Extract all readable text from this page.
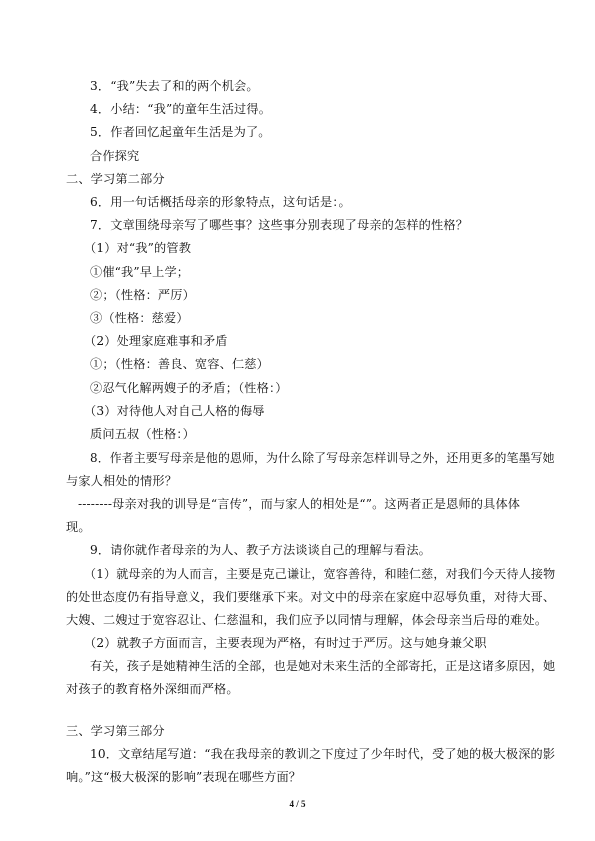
3．“我”失去了和的两个机会。
4．小结：“我”的童年生活过得。
5．作者回忆起童年生活是为了。
合作探究
二、学习第二部分
6．用一句话概括母亲的形象特点，这句话是：。
7．文章围绕母亲写了哪些事？这些事分别表现了母亲的怎样的性格？
（1）对“我”的管教
①催“我”早上学；
②；（性格：严厉）
③（性格：慈爱）
（2）处理家庭难事和矛盾
①；（性格：善良、宽容、仁慈）
②忍气化解两嫂子的矛盾；（性格：）
（3）对待他人对自己人格的侮辱
质问五叔（性格：）
8．作者主要写母亲是他的恩师，为什么除了写母亲怎样训导之外，还用更多的笔墨写她
与家人相处的情形？
--------母亲对我的训导是“言传”，而与家人的相处是“”。这两者正是恩师的具体体
现。
9．请你就作者母亲的为人、教子方法谈谈自己的理解与看法。
（1）就母亲的为人而言，主要是克己谦让，宽容善待，和睦仁慈，对我们今天待人接物
的处世态度仍有指导意义，我们要继承下来。对文中的母亲在家庭中忍辱负重，对待大哥、
大嫂、二嫂过于宽容忍让、仁慈温和，我们应予以同情与理解，体会母亲当后母的难处。
（2）就教子方面而言，主要表现为严格，有时过于严厉。这与她身兼父职
有关，孩子是她精神生活的全部，也是她对未来生活的全部寄托，正是这诸多原因，她
对孩子的教育格外深细而严格。
三、学习第三部分
10．文章结尾写道：“我在我母亲的教训之下度过了少年时代，受了她的极大极深的影
响。”这“极大极深的影响”表现在哪些方面？
4 / 5
